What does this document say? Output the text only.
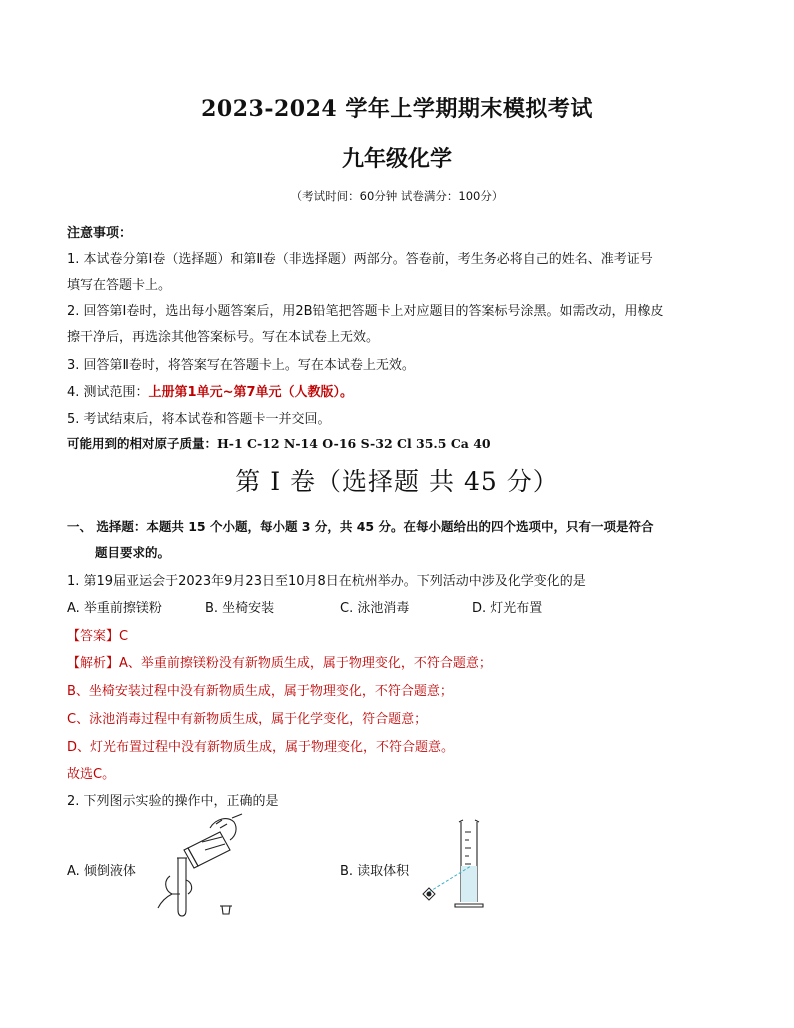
2023-2024 学年上学期期末模拟考试
九年级化学
（考试时间：60分钟 试卷满分：100分）
注意事项：
1. 本试卷分第Ⅰ卷（选择题）和第Ⅱ卷（非选择题）两部分。答卷前，考生务必将自己的姓名、准考证号
填写在答题卡上。
2. 回答第Ⅰ卷时，选出每小题答案后，用2B铅笔把答题卡上对应题目的答案标号涂黑。如需改动，用橡皮
擦干净后，再选涂其他答案标号。写在本试卷上无效。
3. 回答第Ⅱ卷时，将答案写在答题卡上。写在本试卷上无效。
4. 测试范围：上册第1单元~第7单元（人教版）。
5. 考试结束后，将本试卷和答题卡一并交回。
可能用到的相对原子质量：H-1 C-12 N-14 O-16 S-32 Cl 35.5 Ca 40
第 I 卷（选择题 共 45 分）
一、 选择题：本题共 15 个小题，每小题 3 分，共 45 分。在每小题给出的四个选项中，只有一项是符合
题目要求的。
1. 第19届亚运会于2023年9月23日至10月8日在杭州举办。下列活动中涉及化学变化的是
A. 举重前擦镁粉	B. 坐椅安装	C. 泳池消毒	D. 灯光布置
【答案】C
【解析】A、举重前擦镁粉没有新物质生成，属于物理变化，不符合题意；
B、坐椅安装过程中没有新物质生成，属于物理变化，不符合题意；
C、泳池消毒过程中有新物质生成，属于化学变化，符合题意；
D、灯光布置过程中没有新物质生成，属于物理变化，不符合题意。
故选C。
2. 下列图示实验的操作中，正确的是
A. 倾倒液体	B. 读取体积
